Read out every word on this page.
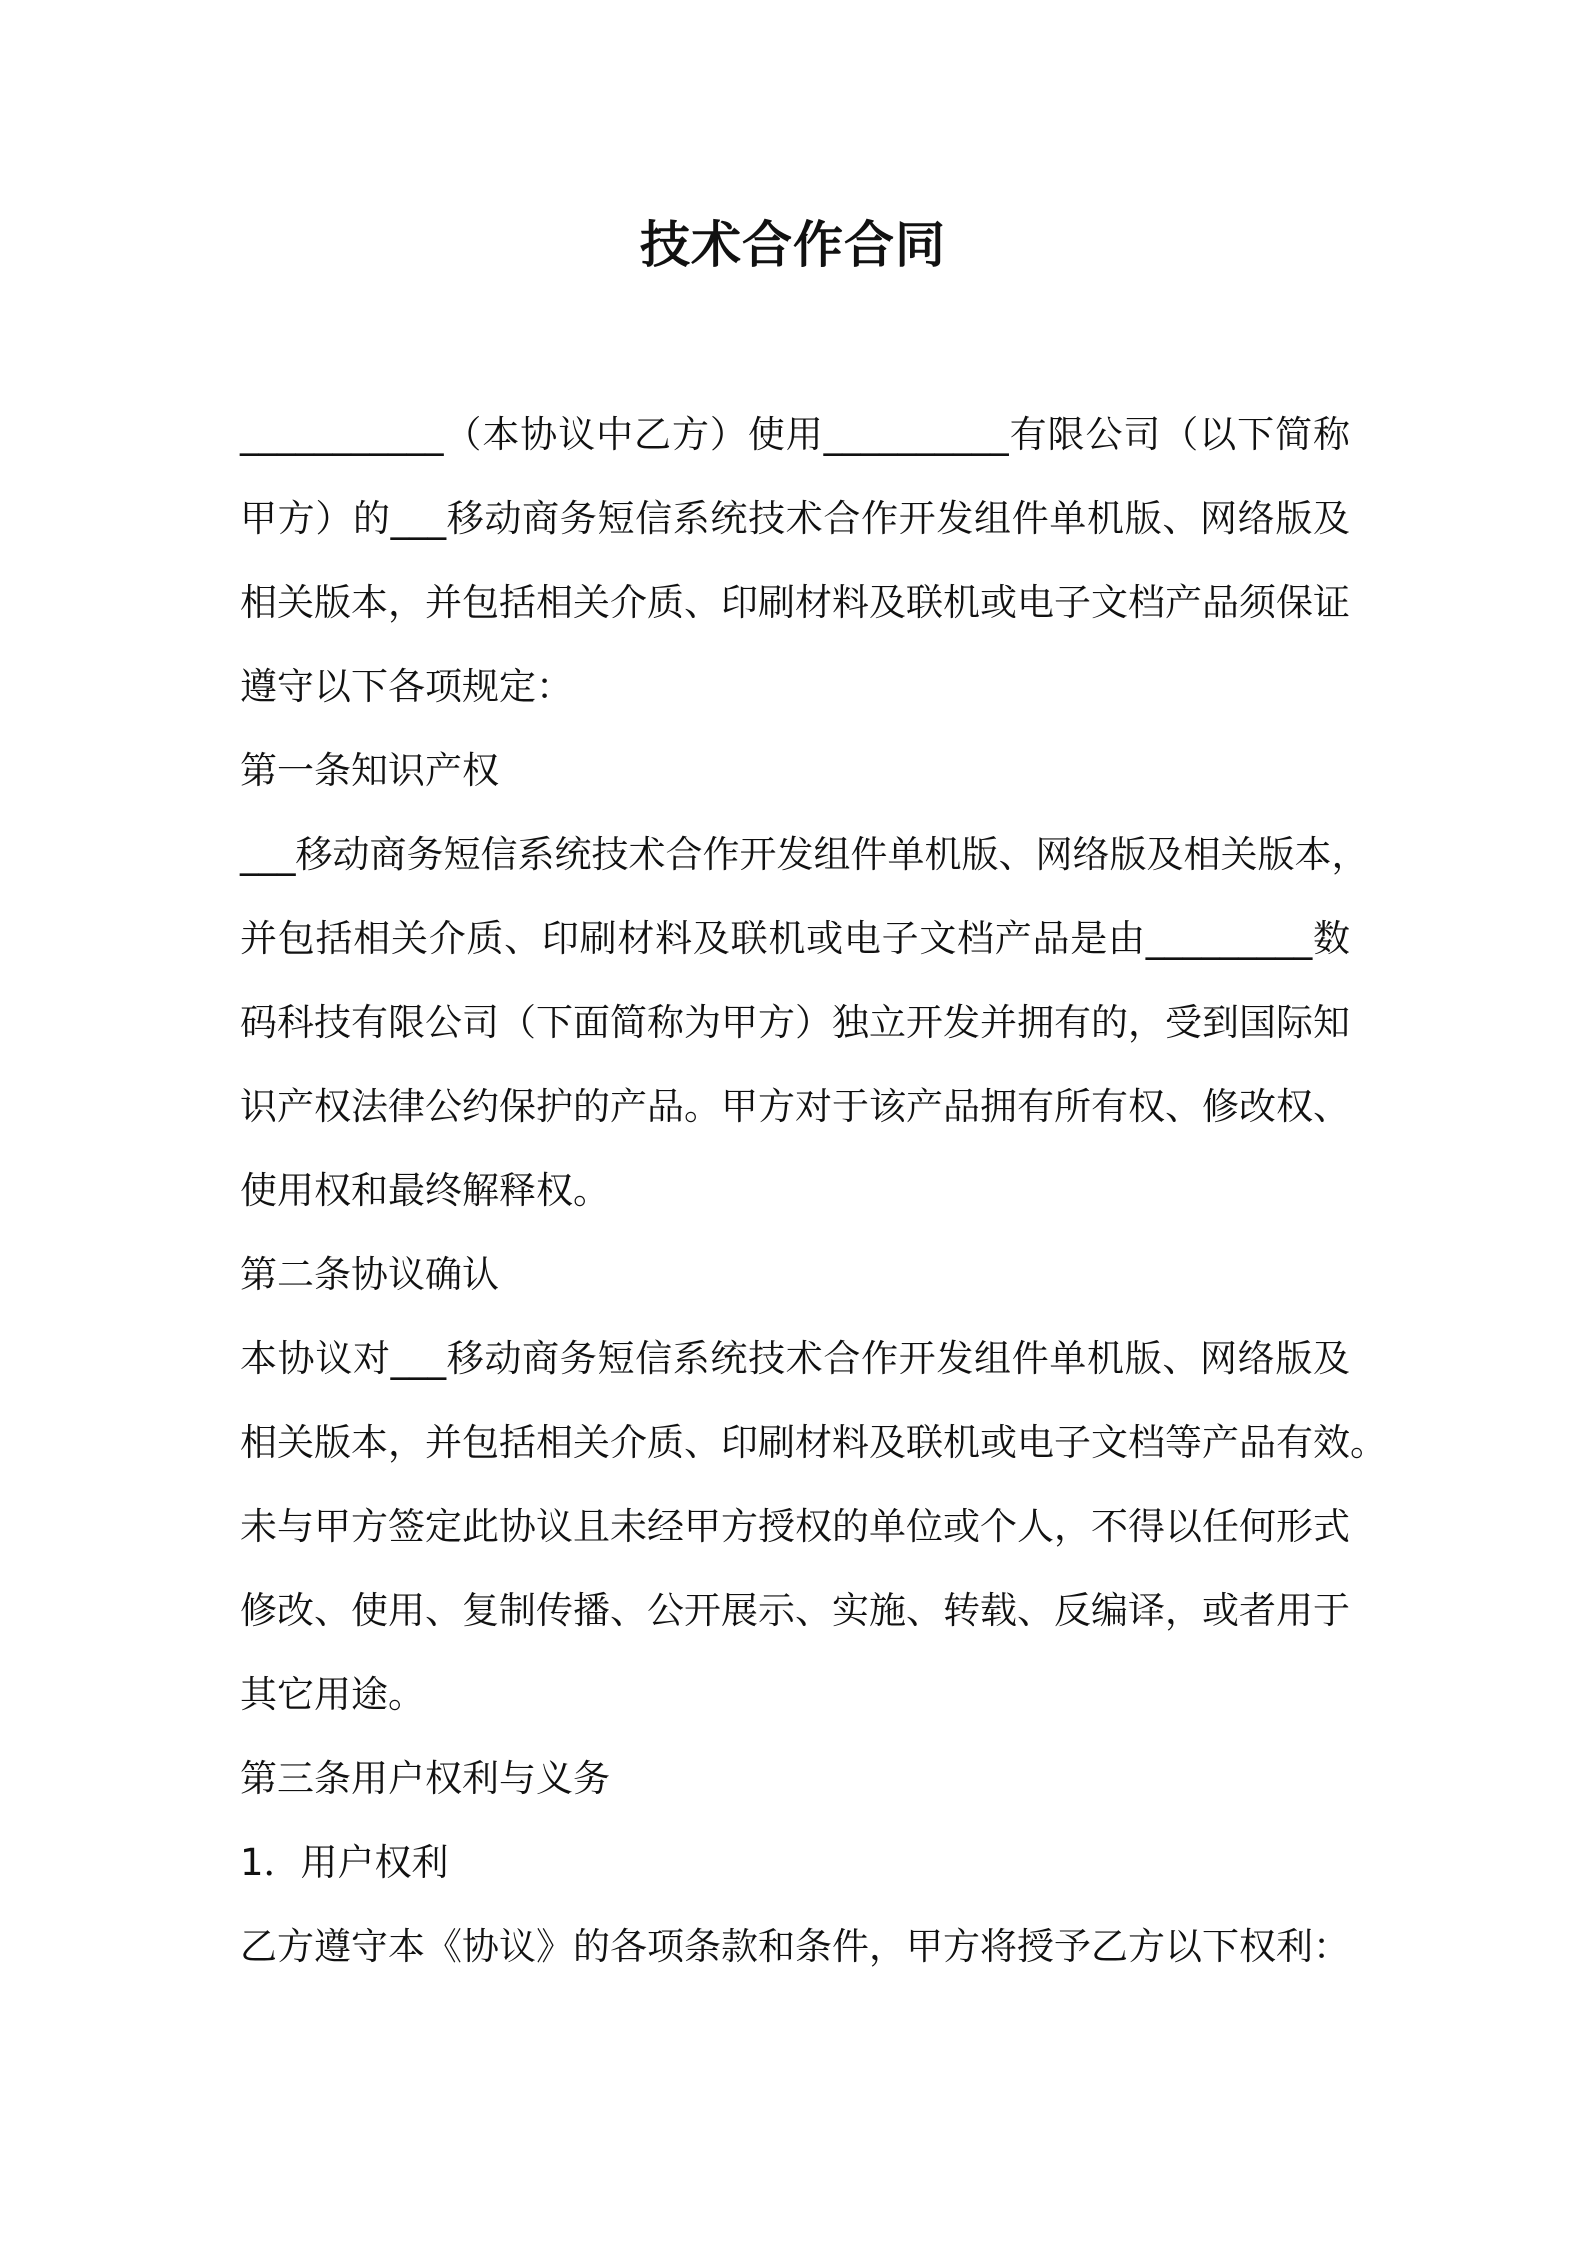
技术合作合同
___________（本协议中乙方）使用__________有限公司（以下简称
甲方）的___移动商务短信系统技术合作开发组件单机版、网络版及
相关版本，并包括相关介质、印刷材料及联机或电子文档产品须保证
遵守以下各项规定：
第一条知识产权
___移动商务短信系统技术合作开发组件单机版、网络版及相关版本，
并包括相关介质、印刷材料及联机或电子文档产品是由_________数
码科技有限公司（下面简称为甲方）独立开发并拥有的，受到国际知
识产权法律公约保护的产品。甲方对于该产品拥有所有权、修改权、
使用权和最终解释权。
第二条协议确认
本协议对___移动商务短信系统技术合作开发组件单机版、网络版及
相关版本，并包括相关介质、印刷材料及联机或电子文档等产品有效。
未与甲方签定此协议且未经甲方授权的单位或个人，不得以任何形式
修改、使用、复制传播、公开展示、实施、转载、反编译，或者用于
其它用途。
第三条用户权利与义务
1．用户权利
乙方遵守本《协议》的各项条款和条件，甲方将授予乙方以下权利：
